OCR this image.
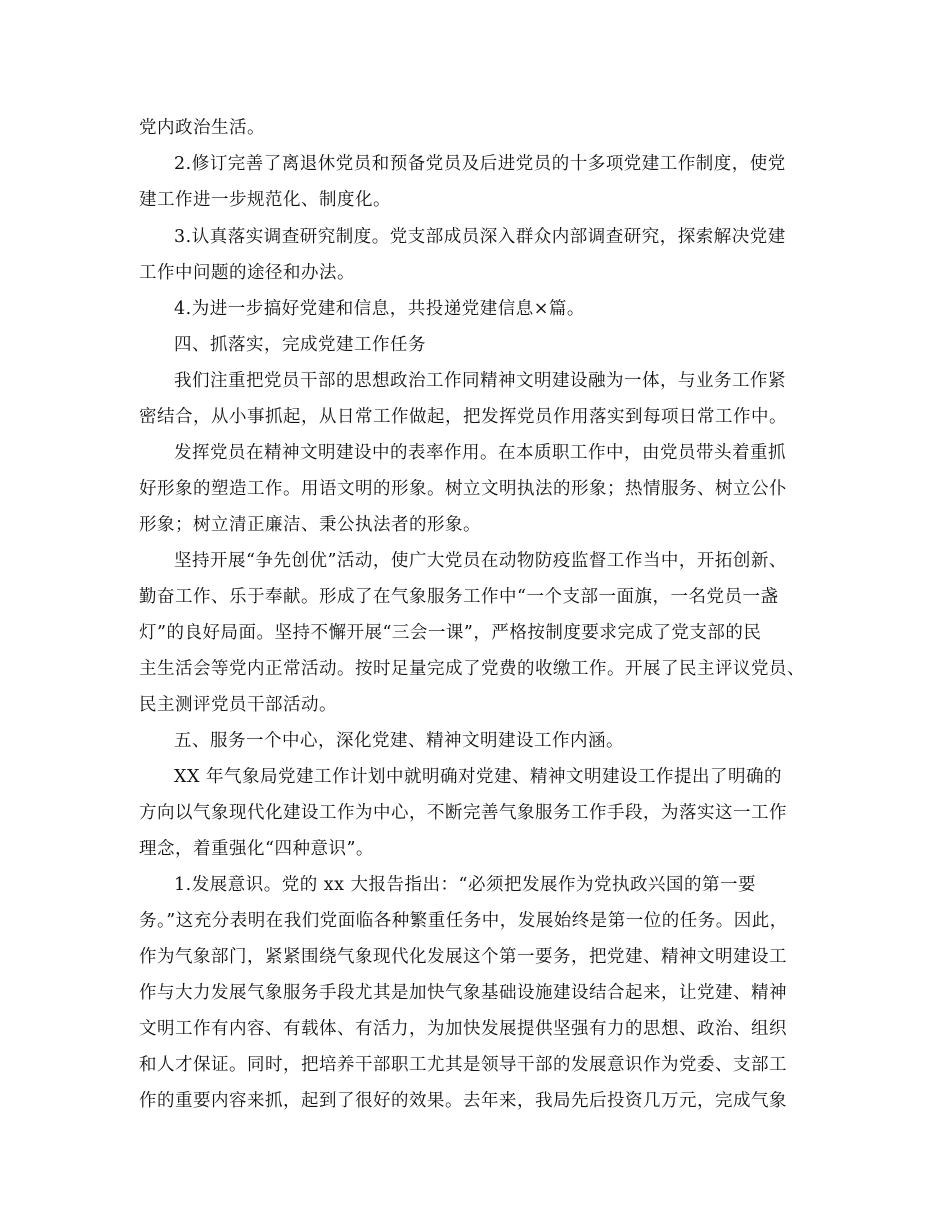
党内政治生活。
2.修订完善了离退休党员和预备党员及后进党员的十多项党建工作制度，使党
建工作进一步规范化、制度化。
3.认真落实调查研究制度。党支部成员深入群众内部调查研究，探索解决党建
工作中问题的途径和办法。
4.为进一步搞好党建和信息，共投递党建信息×篇。
四、抓落实，完成党建工作任务
我们注重把党员干部的思想政治工作同精神文明建设融为一体，与业务工作紧
密结合，从小事抓起，从日常工作做起，把发挥党员作用落实到每项日常工作中。
发挥党员在精神文明建设中的表率作用。在本质职工作中，由党员带头着重抓
好形象的塑造工作。用语文明的形象。树立文明执法的形象；热情服务、树立公仆
形象；树立清正廉洁、秉公执法者的形象。
坚持开展“争先创优”活动，使广大党员在动物防疫监督工作当中，开拓创新、
勤奋工作、乐于奉献。形成了在气象服务工作中“一个支部一面旗，一名党员一盏
灯”的良好局面。坚持不懈开展“三会一课”，严格按制度要求完成了党支部的民
主生活会等党内正常活动。按时足量完成了党费的收缴工作。开展了民主评议党员、
民主测评党员干部活动。
五、服务一个中心，深化党建、精神文明建设工作内涵。
XX 年气象局党建工作计划中就明确对党建、精神文明建设工作提出了明确的
方向以气象现代化建设工作为中心，不断完善气象服务工作手段，为落实这一工作
理念，着重强化“四种意识”。
1.发展意识。党的 xx 大报告指出：“必须把发展作为党执政兴国的第一要
务。”这充分表明在我们党面临各种繁重任务中，发展始终是第一位的任务。因此，
作为气象部门，紧紧围绕气象现代化发展这个第一要务，把党建、精神文明建设工
作与大力发展气象服务手段尤其是加快气象基础设施建设结合起来，让党建、精神
文明工作有内容、有载体、有活力，为加快发展提供坚强有力的思想、政治、组织
和人才保证。同时，把培养干部职工尤其是领导干部的发展意识作为党委、支部工
作的重要内容来抓，起到了很好的效果。去年来，我局先后投资几万元，完成气象
